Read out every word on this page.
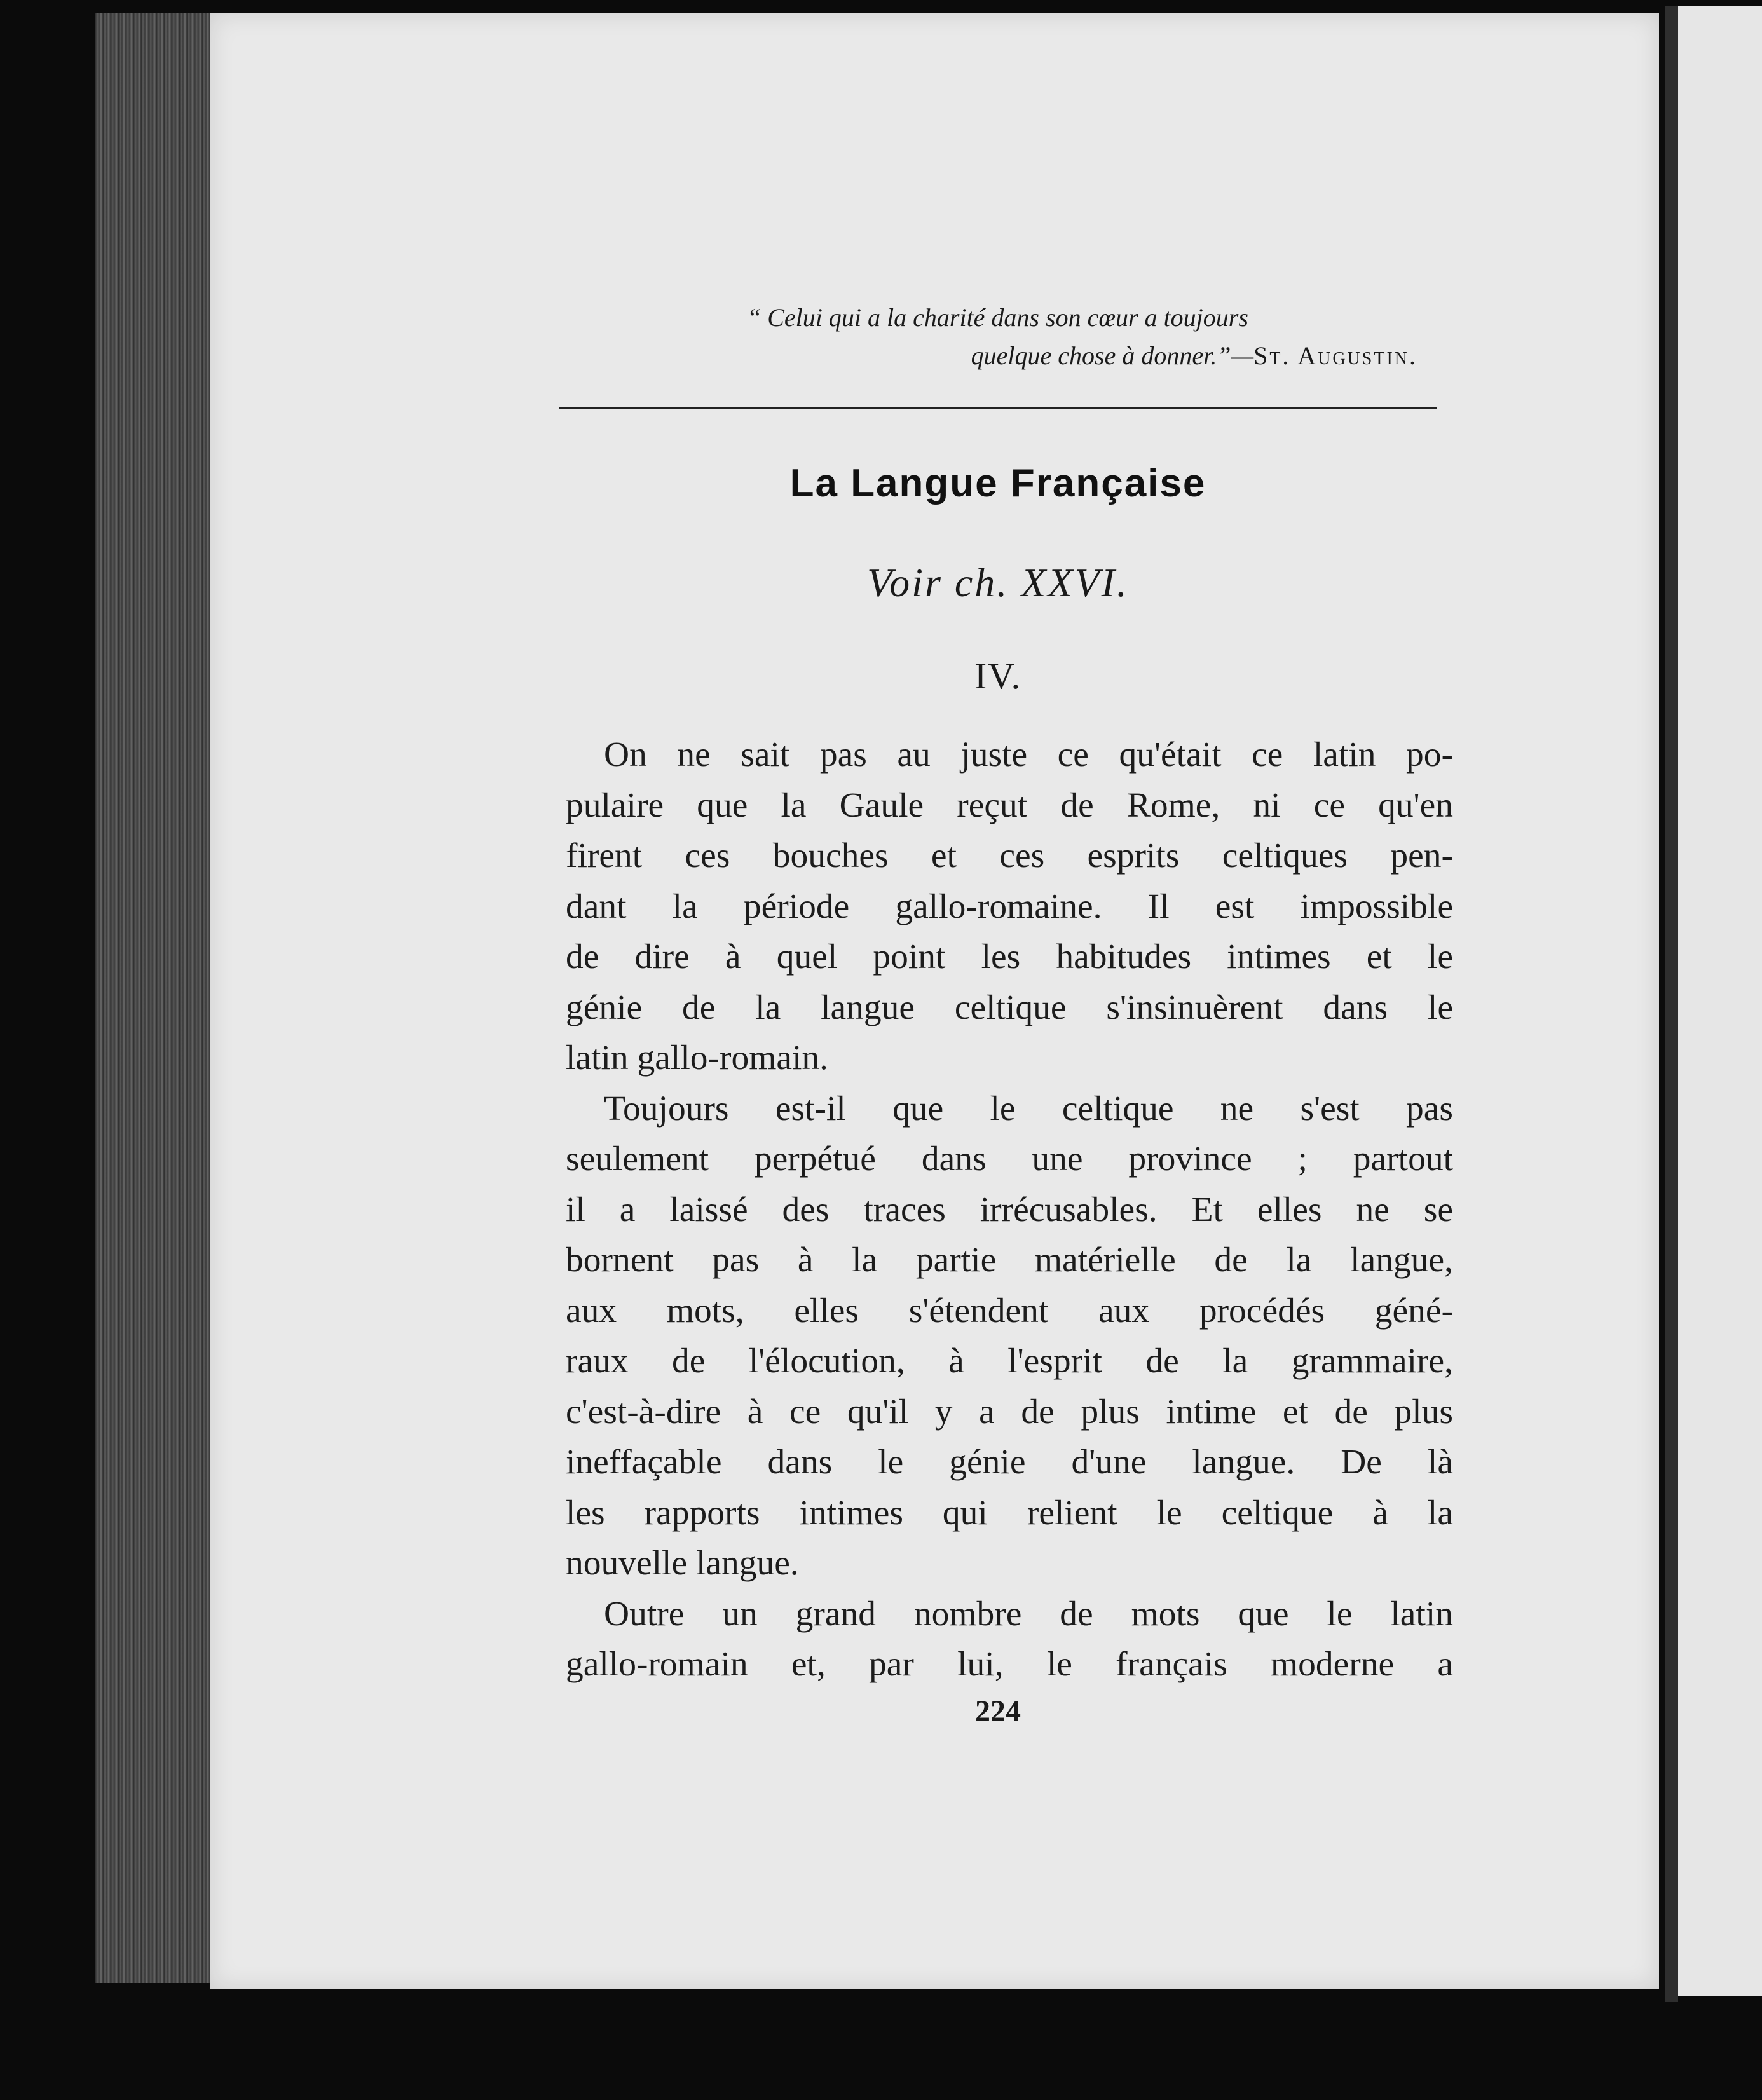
“ Celui qui a la charité dans son cœur a toujours
quelque chose à donner.”—St. Augustin.
La Langue Française
Voir ch. XXVI.
IV.

On ne sait pas au juste ce qu'était ce latin po-
pulaire que la Gaule reçut de Rome, ni ce qu'en
firent ces bouches et ces esprits celtiques pen-
dant la période gallo-romaine. Il est impossible
de dire à quel point les habitudes intimes et le
génie de la langue celtique s'insinuèrent dans le
latin gallo-romain.

Toujours est-il que le celtique ne s'est pas
seulement perpétué dans une province ; partout
il a laissé des traces irrécusables. Et elles ne se
bornent pas à la partie matérielle de la langue,
aux mots, elles s'étendent aux procédés géné-
raux de l'élocution, à l'esprit de la grammaire,
c'est-à-dire à ce qu'il y a de plus intime et de plus
ineffaçable dans le génie d'une langue. De là
les rapports intimes qui relient le celtique à la
nouvelle langue.

Outre un grand nombre de mots que le latin
gallo-romain et, par lui, le français moderne a

224
